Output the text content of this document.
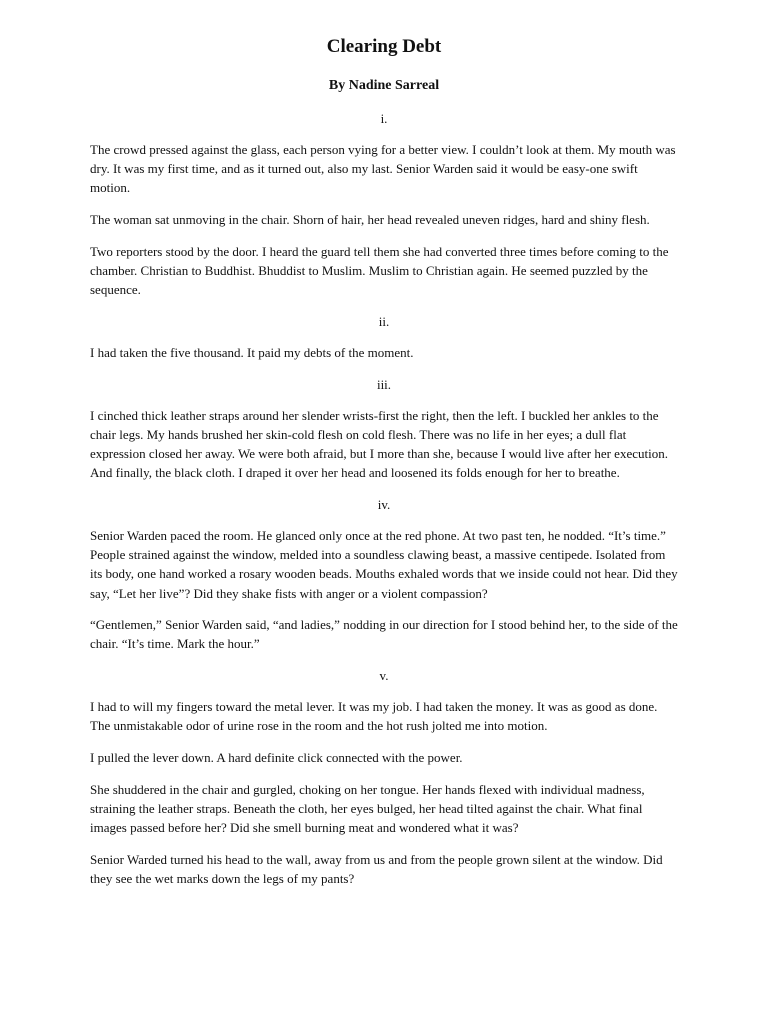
Clearing Debt
By Nadine Sarreal
i.

The crowd pressed against the glass, each person vying for a better view. I couldn’t look at them. My mouth was dry. It was my first time, and as it turned out, also my last. Senior Warden said it would be easy-one swift motion.

The woman sat unmoving in the chair. Shorn of hair, her head revealed uneven ridges, hard and shiny flesh.

Two reporters stood by the door. I heard the guard tell them she had converted three times before coming to the chamber. Christian to Buddhist. Bhuddist to Muslim. Muslim to Christian again. He seemed puzzled by the sequence.

ii.

I had taken the five thousand. It paid my debts of the moment.

iii.

I cinched thick leather straps around her slender wrists-first the right, then the left. I buckled her ankles to the chair legs. My hands brushed her skin-cold flesh on cold flesh. There was no life in her eyes; a dull flat expression closed her away. We were both afraid, but I more than she, because I would live after her execution. And finally, the black cloth. I draped it over her head and loosened its folds enough for her to breathe.

iv.

Senior Warden paced the room. He glanced only once at the red phone. At two past ten, he nodded. “It’s time.” People strained against the window, melded into a soundless clawing beast, a massive centipede. Isolated from its body, one hand worked a rosary wooden beads. Mouths exhaled words that we inside could not hear. Did they say, “Let her live”? Did they shake fists with anger or a violent compassion?

“Gentlemen,” Senior Warden said, “and ladies,” nodding in our direction for I stood behind her, to the side of the chair. “It’s time. Mark the hour.”

v.

I had to will my fingers toward the metal lever. It was my job. I had taken the money. It was as good as done. The unmistakable odor of urine rose in the room and the hot rush jolted me into motion.

I pulled the lever down. A hard definite click connected with the power.

She shuddered in the chair and gurgled, choking on her tongue. Her hands flexed with individual madness, straining the leather straps. Beneath the cloth, her eyes bulged, her head tilted against the chair. What final images passed before her? Did she smell burning meat and wondered what it was?

Senior Warded turned his head to the wall, away from us and from the people grown silent at the window. Did they see the wet marks down the legs of my pants?
